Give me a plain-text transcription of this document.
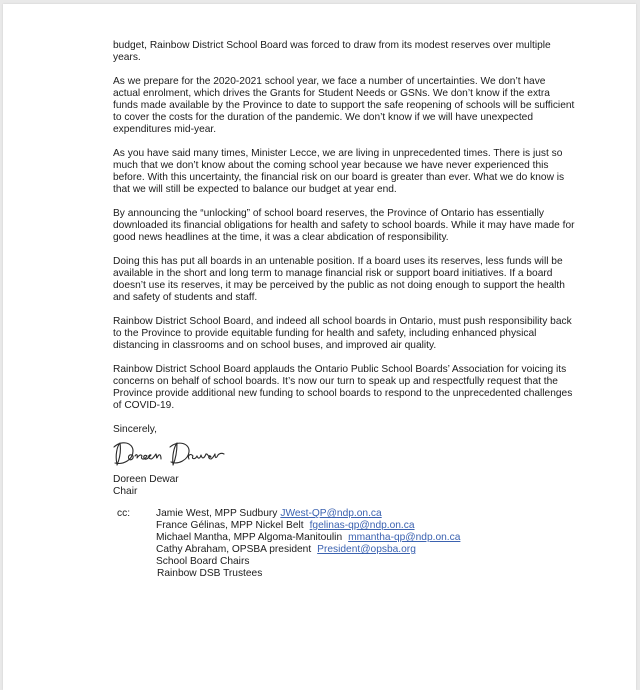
budget, Rainbow District School Board was forced to draw from its modest reserves over multiple
years.

As we prepare for the 2020-2021 school year, we face a number of uncertainties. We don’t have
actual enrolment, which drives the Grants for Student Needs or GSNs. We don’t know if the extra
funds made available by the Province to date to support the safe reopening of schools will be sufficient
to cover the costs for the duration of the pandemic. We don’t know if we will have unexpected
expenditures mid-year.

As you have said many times, Minister Lecce, we are living in unprecedented times. There is just so
much that we don’t know about the coming school year because we have never experienced this
before. With this uncertainty, the financial risk on our board is greater than ever. What we do know is
that we will still be expected to balance our budget at year end.

By announcing the “unlocking” of school board reserves, the Province of Ontario has essentially
downloaded its financial obligations for health and safety to school boards. While it may have made for
good news headlines at the time, it was a clear abdication of responsibility.

Doing this has put all boards in an untenable position. If a board uses its reserves, less funds will be
available in the short and long term to manage financial risk or support board initiatives. If a board
doesn’t use its reserves, it may be perceived by the public as not doing enough to support the health
and safety of students and staff.

Rainbow District School Board, and indeed all school boards in Ontario, must push responsibility back
to the Province to provide equitable funding for health and safety, including enhanced physical
distancing in classrooms and on school buses, and improved air quality.

Rainbow District School Board applauds the Ontario Public School Boards’ Association for voicing its
concerns on behalf of school boards. It’s now our turn to speak up and respectfully request that the
Province provide additional new funding to school boards to respond to the unprecedented challenges
of COVID-19.

Sincerely,
Doreen Dewar
Chair
cc:	Jamie West, MPP Sudbury JWest-QP@ndp.on.ca
France Gélinas, MPP Nickel Belt fgelinas-qp@ndp.on.ca
Michael Mantha, MPP Algoma-Manitoulin mmantha-qp@ndp.on.ca
Cathy Abraham, OPSBA president President@opsba.org
School Board Chairs
Rainbow DSB Trustees
